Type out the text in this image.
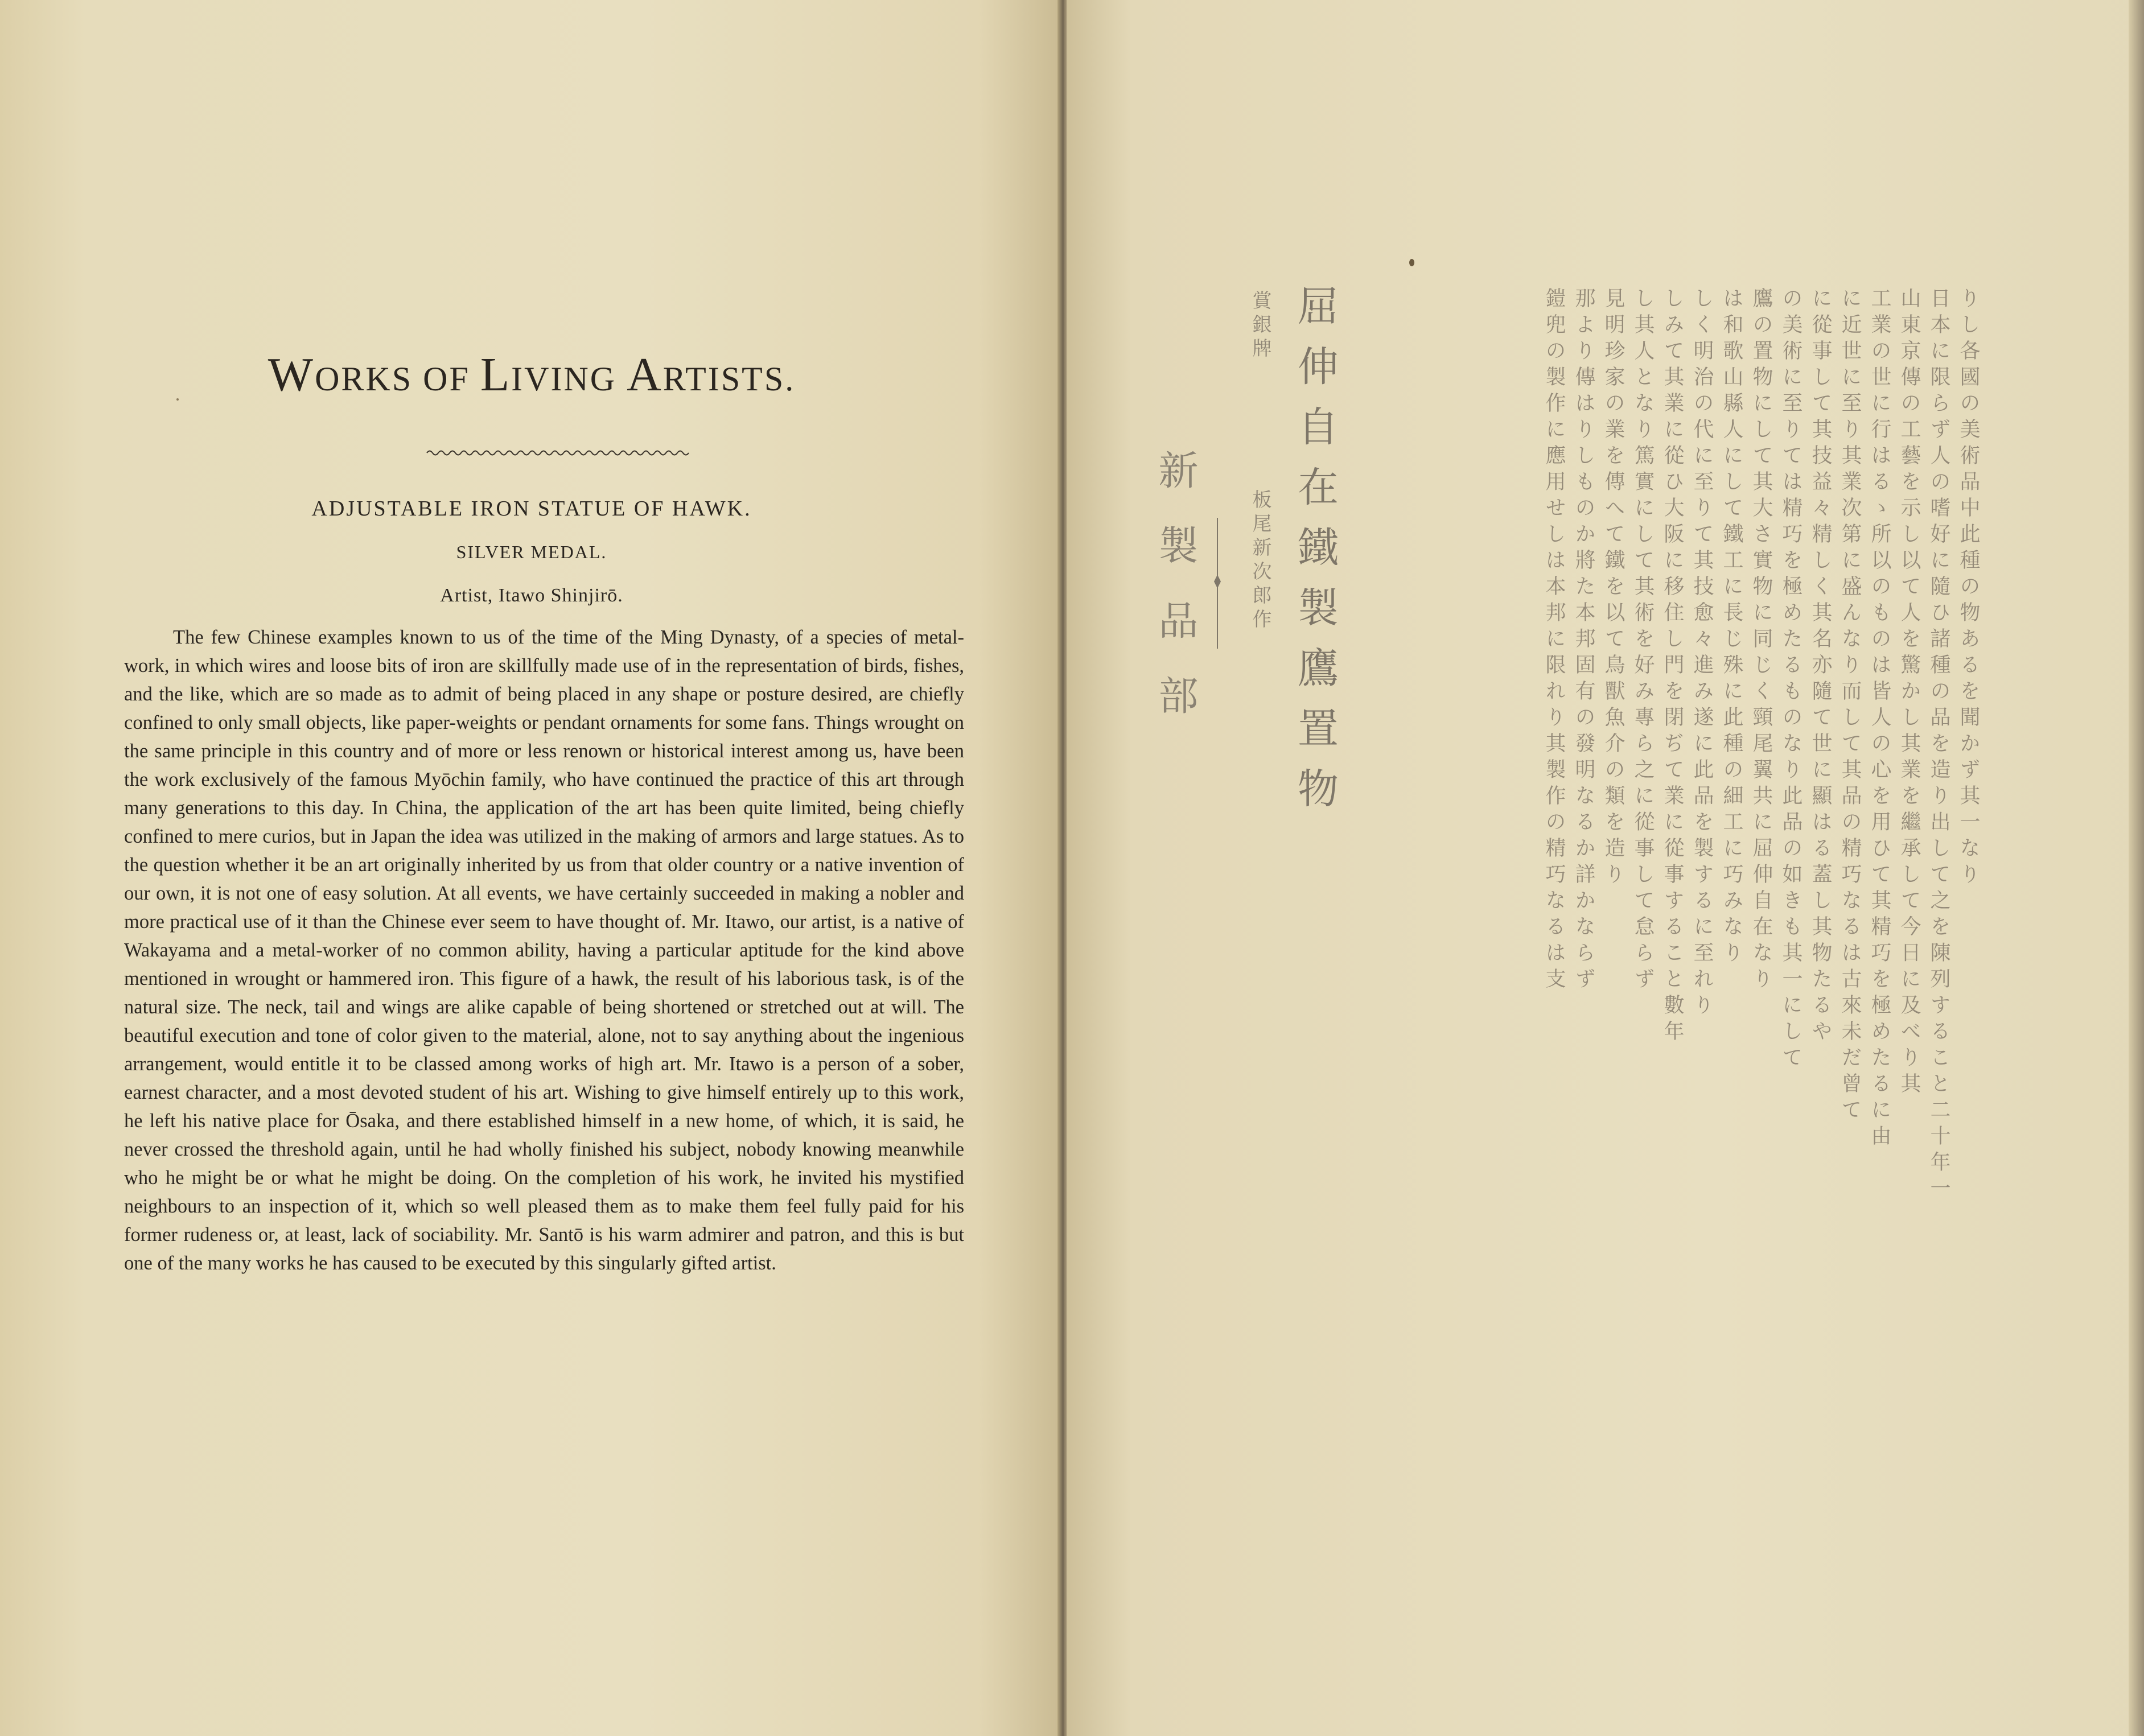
WORKS OF LIVING ARTISTS.
ADJUSTABLE IRON STATUE OF HAWK.
SILVER MEDAL.
Artist, Itawo Shinjirō.
The few Chinese examples known to us of the time of the Ming Dynasty, of a species of metal-work, in which wires and loose bits of iron are skillfully made use of in the representation of birds, fishes, and the like, which are so made as to admit of being placed in any shape or posture desired, are chiefly confined to only small objects, like paper-weights or pendant ornaments for some fans. Things wrought on the same principle in this country and of more or less renown or historical interest among us, have been the work exclusively of the famous Myōchin family, who have continued the practice of this art through many generations to this day. In China, the application of the art has been quite limited, being chiefly confined to mere curios, but in Japan the idea was utilized in the making of armors and large statues. As to the question whether it be an art originally inherited by us from that older country or a native invention of our own, it is not one of easy solution. At all events, we have certainly succeeded in making a nobler and more practical use of it than the Chinese ever seem to have thought of. Mr. Itawo, our artist, is a native of Wakayama and a metal-worker of no common ability, having a particular aptitude for the kind above mentioned in wrought or hammered iron. This figure of a hawk, the result of his laborious task, is of the natural size. The neck, tail and wings are alike capable of being shortened or stretched out at will. The beautiful execution and tone of color given to the material, alone, not to say anything about the ingenious arrangement, would entitle it to be classed among works of high art. Mr. Itawo is a person of a sober, earnest character, and a most devoted student of his art. Wishing to give himself entirely up to this work, he left his native place for Ōsaka, and there established himself in a new home, of which, it is said, he never crossed the threshold again, until he had wholly finished his subject, nobody knowing meanwhile who he might be or what he might be doing. On the completion of his work, he invited his mystified neighbours to an inspection of it, which so well pleased them as to make them feel fully paid for his former rudeness or, at least, lack of sociability. Mr. Santō is his warm admirer and patron, and this is but one of the many works he has caused to be executed by this singularly gifted artist.
りし各國の美術品中此種の物あるを聞かず其一なり
日本に限らず人の嗜好に隨ひ諸種の品を造り出して之を陳列すること二十年一
山東京傳の工藝を示し以て人を驚かし其業を繼承して今日に及べり其
工業の世に行はるゝ所以のものは皆人の心を用ひて其精巧を極めたるに由
に近世に至り其業次第に盛んなり而して其品の精巧なるは古來未だ曾て
に從事して其技益々精しく其名亦隨て世に顯はる蓋し其物たるや
の美術に至りては精巧を極めたるものなり此品の如きも其一にして
鷹の置物にして其大さ實物に同じく頸尾翼共に屈伸自在なり
は和歌山縣人にして鐵工に長じ殊に此種の細工に巧みなり
しく明治の代に至りて其技愈々進み遂に此品を製するに至れり
しみて其業に從ひ大阪に移住し門を閉ぢて業に從事すること數年
し其人となり篤實にして其術を好み專ら之に從事して怠らず
見明珍家の業を傳へて鐵を以て鳥獸魚介の類を造り
那より傳はりしものか將た本邦固有の發明なるか詳かならず
鎧兜の製作に應用せしは本邦に限れり其製作の精巧なるは支
屈伸自在鐵製鷹置物
賞銀牌
板尾新次郎作
新製品部
